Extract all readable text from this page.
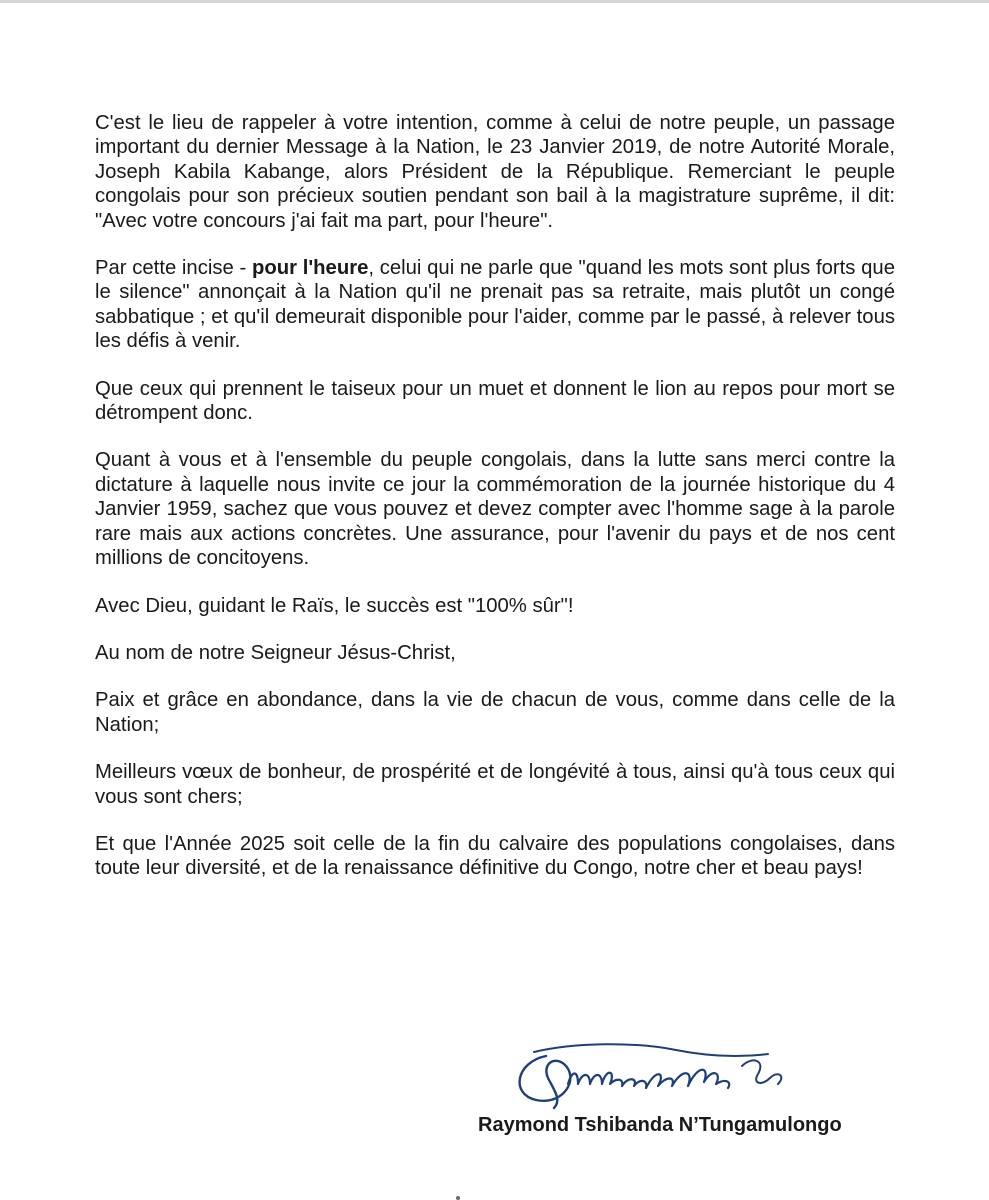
C'est le lieu de rappeler à votre intention, comme à celui de notre peuple, un passage important du dernier Message à la Nation, le 23 Janvier 2019, de notre Autorité Morale, Joseph Kabila Kabange, alors Président de la République. Remerciant le peuple congolais pour son précieux soutien pendant son bail à la magistrature suprême, il dit: "Avec votre concours j'ai fait ma part, pour l'heure".

Par cette incise - pour l'heure, celui qui ne parle que "quand les mots sont plus forts que le silence" annonçait à la Nation qu'il ne prenait pas sa retraite, mais plutôt un congé sabbatique ; et qu'il demeurait disponible pour l'aider, comme par le passé, à relever tous les défis à venir.

Que ceux qui prennent le taiseux pour un muet et donnent le lion au repos pour mort se détrompent donc.

Quant à vous et à l'ensemble du peuple congolais, dans la lutte sans merci contre la dictature à laquelle nous invite ce jour la commémoration de la journée historique du 4 Janvier 1959, sachez que vous pouvez et devez compter avec l'homme sage à la parole rare mais aux actions concrètes. Une assurance, pour l'avenir du pays et de nos cent millions de concitoyens.

Avec Dieu, guidant le Raïs, le succès est "100% sûr"!

Au nom de notre Seigneur Jésus-Christ,

Paix et grâce en abondance, dans la vie de chacun de vous, comme dans celle de la Nation;

Meilleurs vœux de bonheur, de prospérité et de longévité à tous, ainsi qu'à tous ceux qui vous sont chers;

Et que l'Année 2025 soit celle de la fin du calvaire des populations congolaises, dans toute leur diversité, et de la renaissance définitive du Congo, notre cher et beau pays!

Raymond Tshibanda N’Tungamulongo
